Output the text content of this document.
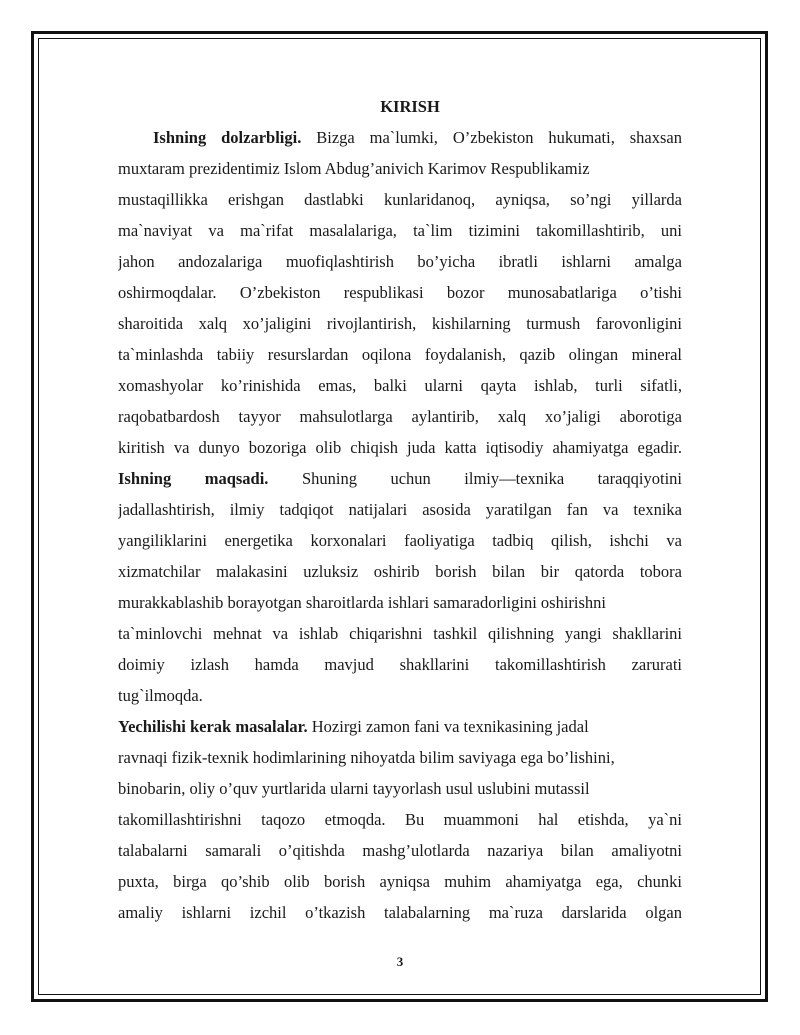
KIRISH
Ishning dolzarbligi. Bizga ma`lumki, O’zbekiston hukumati, shaxsan
muxtaram prezidentimiz Islom Abdug’anivich Karimov Respublikamiz
mustaqillikka erishgan dastlabki kunlaridanoq, ayniqsa, so’ngi yillarda
ma`naviyat va ma`rifat masalalariga, ta`lim tizimini takomillashtirib, uni
jahon andozalariga muofiqlashtirish bo’yicha ibratli ishlarni amalga
oshirmoqdalar. O’zbekiston respublikasi bozor munosabatlariga o’tishi
sharoitida xalq xo’jaligini rivojlantirish, kishilarning turmush farovonligini
ta`minlashda tabiiy resurslardan oqilona foydalanish, qazib olingan mineral
xomashyolar ko’rinishida emas, balki ularni qayta ishlab, turli sifatli,
raqobatbardosh tayyor mahsulotlarga aylantirib, xalq xo’jaligi aborotiga
kiritish va dunyo bozoriga olib chiqish juda katta iqtisodiy ahamiyatga egadir.
Ishning maqsadi. Shuning uchun ilmiy—texnika taraqqiyotini
jadallashtirish, ilmiy tadqiqot natijalari asosida yaratilgan fan va texnika
yangiliklarini energetika korxonalari faoliyatiga tadbiq qilish, ishchi va
xizmatchilar malakasini uzluksiz oshirib borish bilan bir qatorda tobora
murakkablashib borayotgan sharoitlarda ishlari samaradorligini oshirishni
ta`minlovchi mehnat va ishlab chiqarishni tashkil qilishning yangi shakllarini
doimiy izlash hamda mavjud shakllarini takomillashtirish zarurati
tug`ilmoqda.
Yechilishi kerak masalalar. Hozirgi zamon fani va texnikasining jadal
ravnaqi fizik-texnik hodimlarining nihoyatda bilim saviyaga ega bo’lishini,
binobarin, oliy o’quv yurtlarida ularni tayyorlash usul uslubini mutassil
takomillashtirishni taqozo etmoqda. Bu muammoni hal etishda, ya`ni
talabalarni samarali o’qitishda mashg’ulotlarda nazariya bilan amaliyotni
puxta, birga qo’shib olib borish ayniqsa muhim ahamiyatga ega, chunki
amaliy ishlarni izchil o’tkazish talabalarning ma`ruza darslarida olgan
3
